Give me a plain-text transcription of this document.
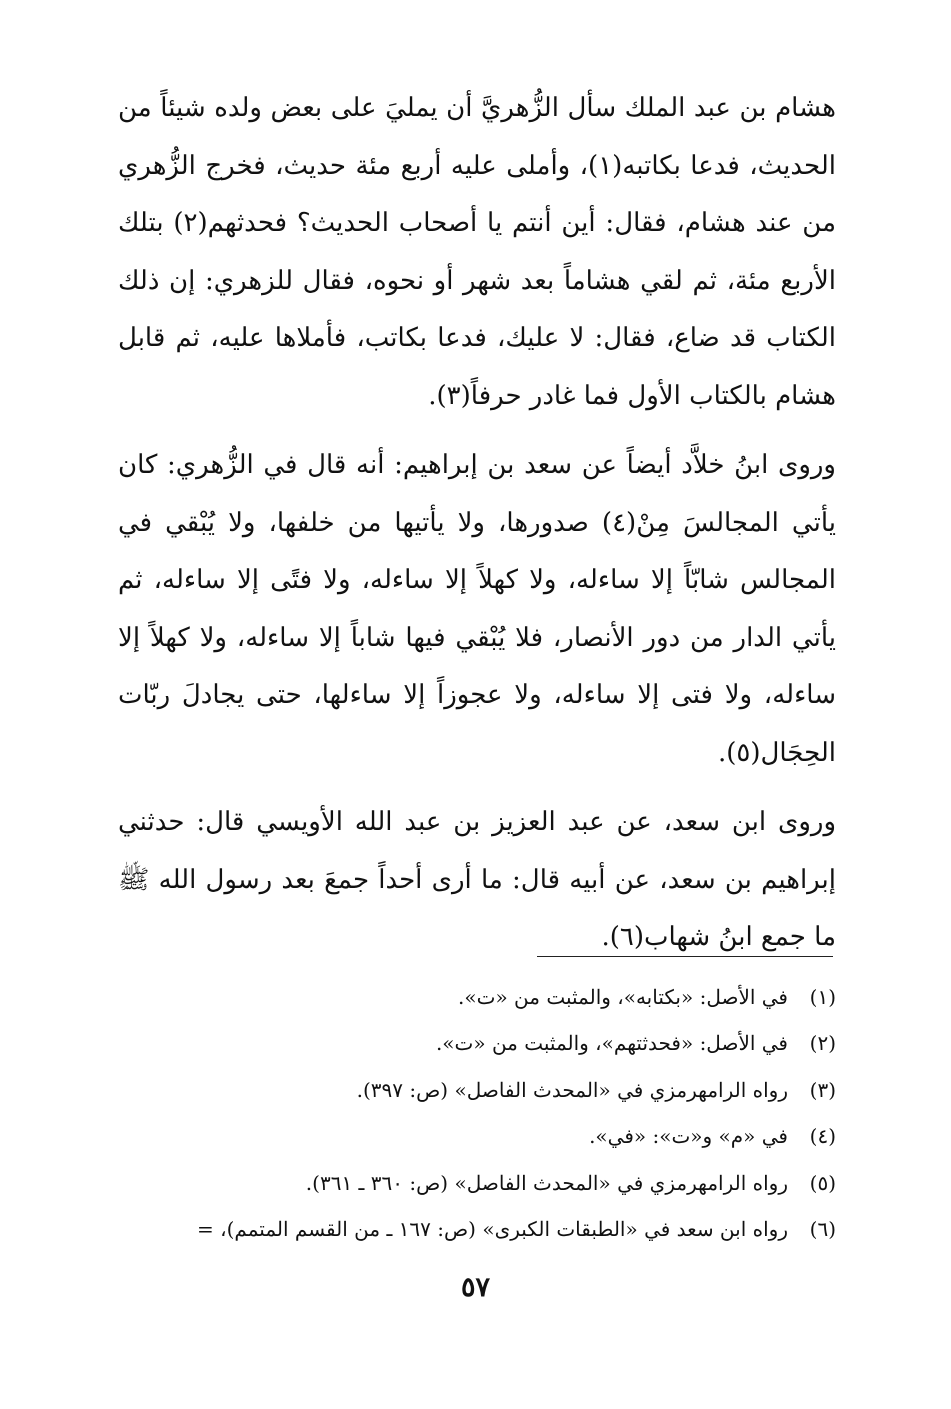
هشام بن عبد الملك سأل الزُّهريَّ أن يمليَ على بعض ولده شيئاً من الحديث، فدعا بكاتبه(١)، وأملى عليه أربع مئة حديث، فخرج الزُّهري من عند هشام، فقال: أين أنتم يا أصحاب الحديث؟ فحدثهم(٢) بتلك الأربع مئة، ثم لقي هشاماً بعد شهر أو نحوه، فقال للزهري: إن ذلك الكتاب قد ضاع، فقال: لا عليك، فدعا بكاتب، فأملاها عليه، ثم قابل هشام بالكتاب الأول فما غادر حرفاً(٣).

وروى ابنُ خلاَّد أيضاً عن سعد بن إبراهيم: أنه قال في الزُّهري: كان يأتي المجالسَ مِنْ(٤) صدورها، ولا يأتيها من خلفها، ولا يُبْقي في المجالس شابّاً إلا ساءله، ولا كهلاً إلا ساءله، ولا فتًى إلا ساءله، ثم يأتي الدار من دور الأنصار، فلا يُبْقي فيها شاباً إلا ساءله، ولا كهلاً إلا ساءله، ولا فتى إلا ساءله، ولا عجوزاً إلا ساءلها، حتى يجادلَ ربّات الحِجَال(٥).

وروى ابن سعد، عن عبد العزيز بن عبد الله الأويسي قال: حدثني إبراهيم بن سعد، عن أبيه قال: ما أرى أحداً جمعَ بعد رسول الله ﷺ ما جمع ابنُ شهاب(٦).

(١)في الأصل: «بكتابه»، والمثبت من «ت».

(٢)في الأصل: «فحدثتهم»، والمثبت من «ت».

(٣)رواه الرامهرمزي في «المحدث الفاصل» (ص: ٣٩٧).

(٤)في «م» و«ت»: «في».

(٥)رواه الرامهرمزي في «المحدث الفاصل» (ص: ٣٦٠ ـ ٣٦١).

(٦)رواه ابن سعد في «الطبقات الكبرى» (ص: ١٦٧ ـ من القسم المتمم)، =

٥٧
